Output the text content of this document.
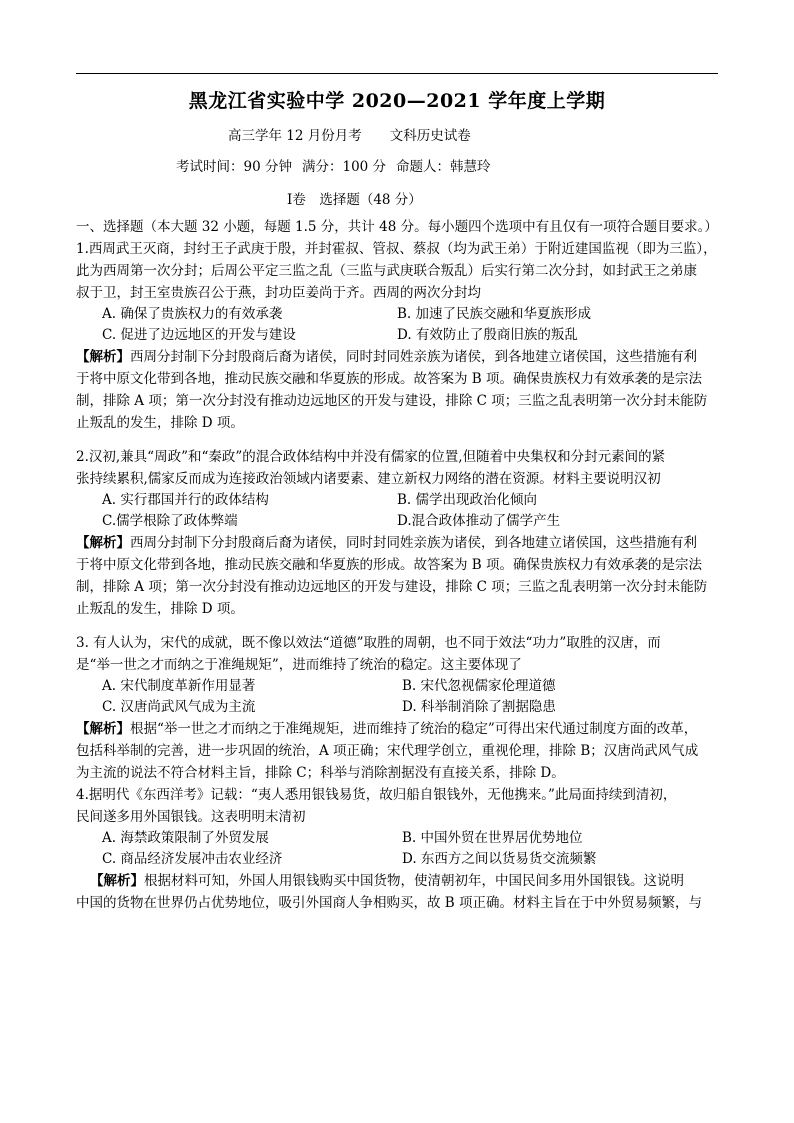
黑龙江省实验中学 2020—2021 学年度上学期
高三学年 12 月份月考 文科历史试卷
考试时间：90 分钟 满分：100 分 命题人：韩慧玲
Ⅰ卷　选择题（48 分）
一、选择题（本大题 32 小题，每题 1.5 分，共计 48 分。每小题四个选项中有且仅有一项符合题目要求。）
1.西周武王灭商，封纣王子武庚于殷，并封霍叔、管叔、蔡叔（均为武王弟）于附近建国监视（即为三监），
此为西周第一次分封；后周公平定三监之乱（三监与武庚联合叛乱）后实行第二次分封，如封武王之弟康
叔于卫，封王室贵族召公于燕，封功臣姜尚于齐。西周的两次分封均
A. 确保了贵族权力的有效承袭	B. 加速了民族交融和华夏族形成
C. 促进了边远地区的开发与建设	D. 有效防止了殷商旧族的叛乱
【解析】西周分封制下分封殷商后裔为诸侯，同时封同姓亲族为诸侯，到各地建立诸侯国，这些措施有利
于将中原文化带到各地，推动民族交融和华夏族的形成。故答案为 B 项。确保贵族权力有效承袭的是宗法
制，排除 A 项；第一次分封没有推动边远地区的开发与建设，排除 C 项；三监之乱表明第一次分封未能防
止叛乱的发生，排除 D 项。
2.汉初,兼具“周政”和“秦政”的混合政体结构中并没有儒家的位置,但随着中央集权和分封元素间的紧
张持续累积,儒家反而成为连接政治领域内诸要素、建立新权力网络的潜在资源。材料主要说明汉初
A. 实行郡国并行的政体结构	B. 儒学出现政治化倾向
C.儒学根除了政体弊端	D.混合政体推动了儒学产生
【解析】西周分封制下分封殷商后裔为诸侯，同时封同姓亲族为诸侯，到各地建立诸侯国，这些措施有利
于将中原文化带到各地，推动民族交融和华夏族的形成。故答案为 B 项。确保贵族权力有效承袭的是宗法
制，排除 A 项；第一次分封没有推动边远地区的开发与建设，排除 C 项；三监之乱表明第一次分封未能防
止叛乱的发生，排除 D 项。
3. 有人认为，宋代的成就，既不像以效法“道德”取胜的周朝，也不同于效法“功力”取胜的汉唐，而
是“举一世之才而纳之于准绳规矩”，进而维持了统治的稳定。这主要体现了
A. 宋代制度革新作用显著	B. 宋代忽视儒家伦理道德
C. 汉唐尚武风气成为主流	D. 科举制消除了割据隐患
【解析】根据“举一世之才而纳之于准绳规矩，进而维持了统治的稳定”可得出宋代通过制度方面的改革，
包括科举制的完善，进一步巩固的统治，A 项正确；宋代理学创立，重视伦理，排除 B；汉唐尚武风气成
为主流的说法不符合材料主旨，排除 C；科举与消除割据没有直接关系，排除 D。
4.据明代《东西洋考》记载：“夷人悉用银钱易货，故归船自银钱外，无他携来。”此局面持续到清初，
民间遂多用外国银钱。这表明明末清初
A. 海禁政策限制了外贸发展	B. 中国外贸在世界居优势地位
C. 商品经济发展冲击农业经济	D. 东西方之间以货易货交流频繁
【解析】根据材料可知，外国人用银钱购买中国货物，使清朝初年，中国民间多用外国银钱。这说明
中国的货物在世界仍占优势地位，吸引外国商人争相购买，故 B 项正确。材料主旨在于中外贸易频繁，与
